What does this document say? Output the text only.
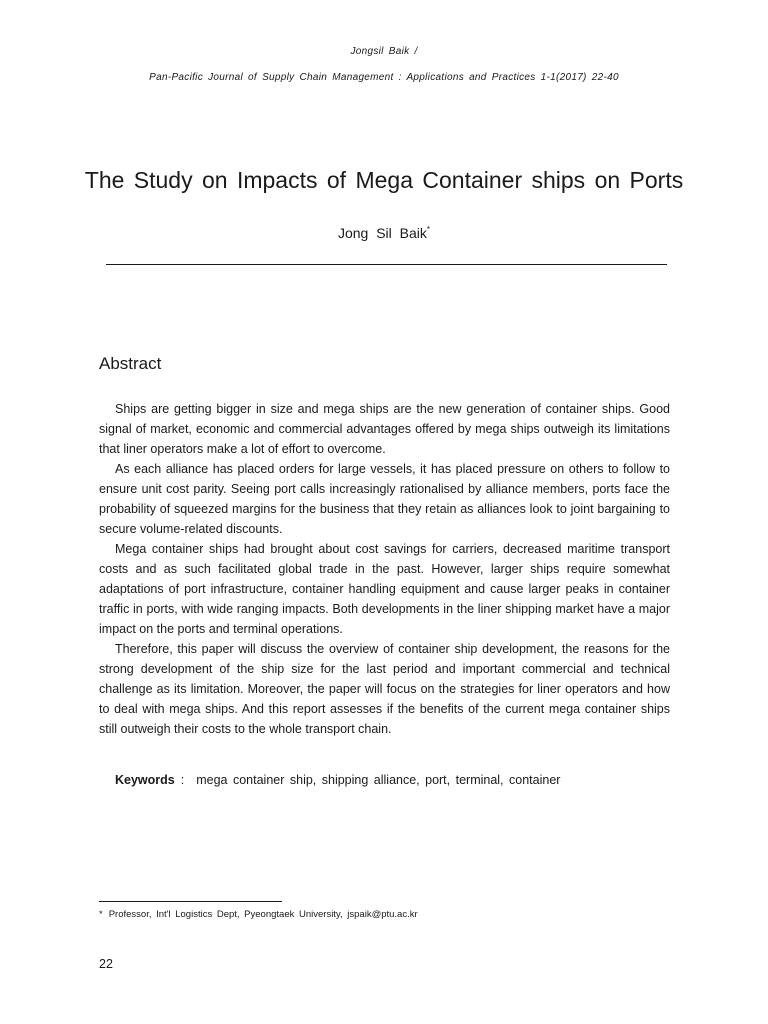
Jongsil Baik /
Pan-Pacific Journal of Supply Chain Management : Applications and Practices 1-1(2017) 22-40
The Study on Impacts of Mega Container ships on Ports
Jong Sil Baik*
Abstract

Ships are getting bigger in size and mega ships are the new generation of container ships. Good signal of market, economic and commercial advantages offered by mega ships outweigh its limitations that liner operators make a lot of effort to overcome.

As each alliance has placed orders for large vessels, it has placed pressure on others to follow to ensure unit cost parity. Seeing port calls increasingly rationalised by alliance members, ports face the probability of squeezed margins for the business that they retain as alliances look to joint bargaining to secure volume-related discounts.

Mega container ships had brought about cost savings for carriers, decreased maritime transport costs and as such facilitated global trade in the past. However, larger ships require somewhat adaptations of port infrastructure, container handling equipment and cause larger peaks in container traffic in ports, with wide ranging impacts. Both developments in the liner shipping market have a major impact on the ports and terminal operations.

Therefore, this paper will discuss the overview of container ship development, the reasons for the strong development of the ship size for the last period and important commercial and technical challenge as its limitation. Moreover, the paper will focus on the strategies for liner operators and how to deal with mega ships. And this report assesses if the benefits of the current mega container ships still outweigh their costs to the whole transport chain.

Keywords : mega container ship, shipping alliance, port, terminal, container
* Professor, Int'l Logistics Dept, Pyeongtaek University, jspaik@ptu.ac.kr
22
